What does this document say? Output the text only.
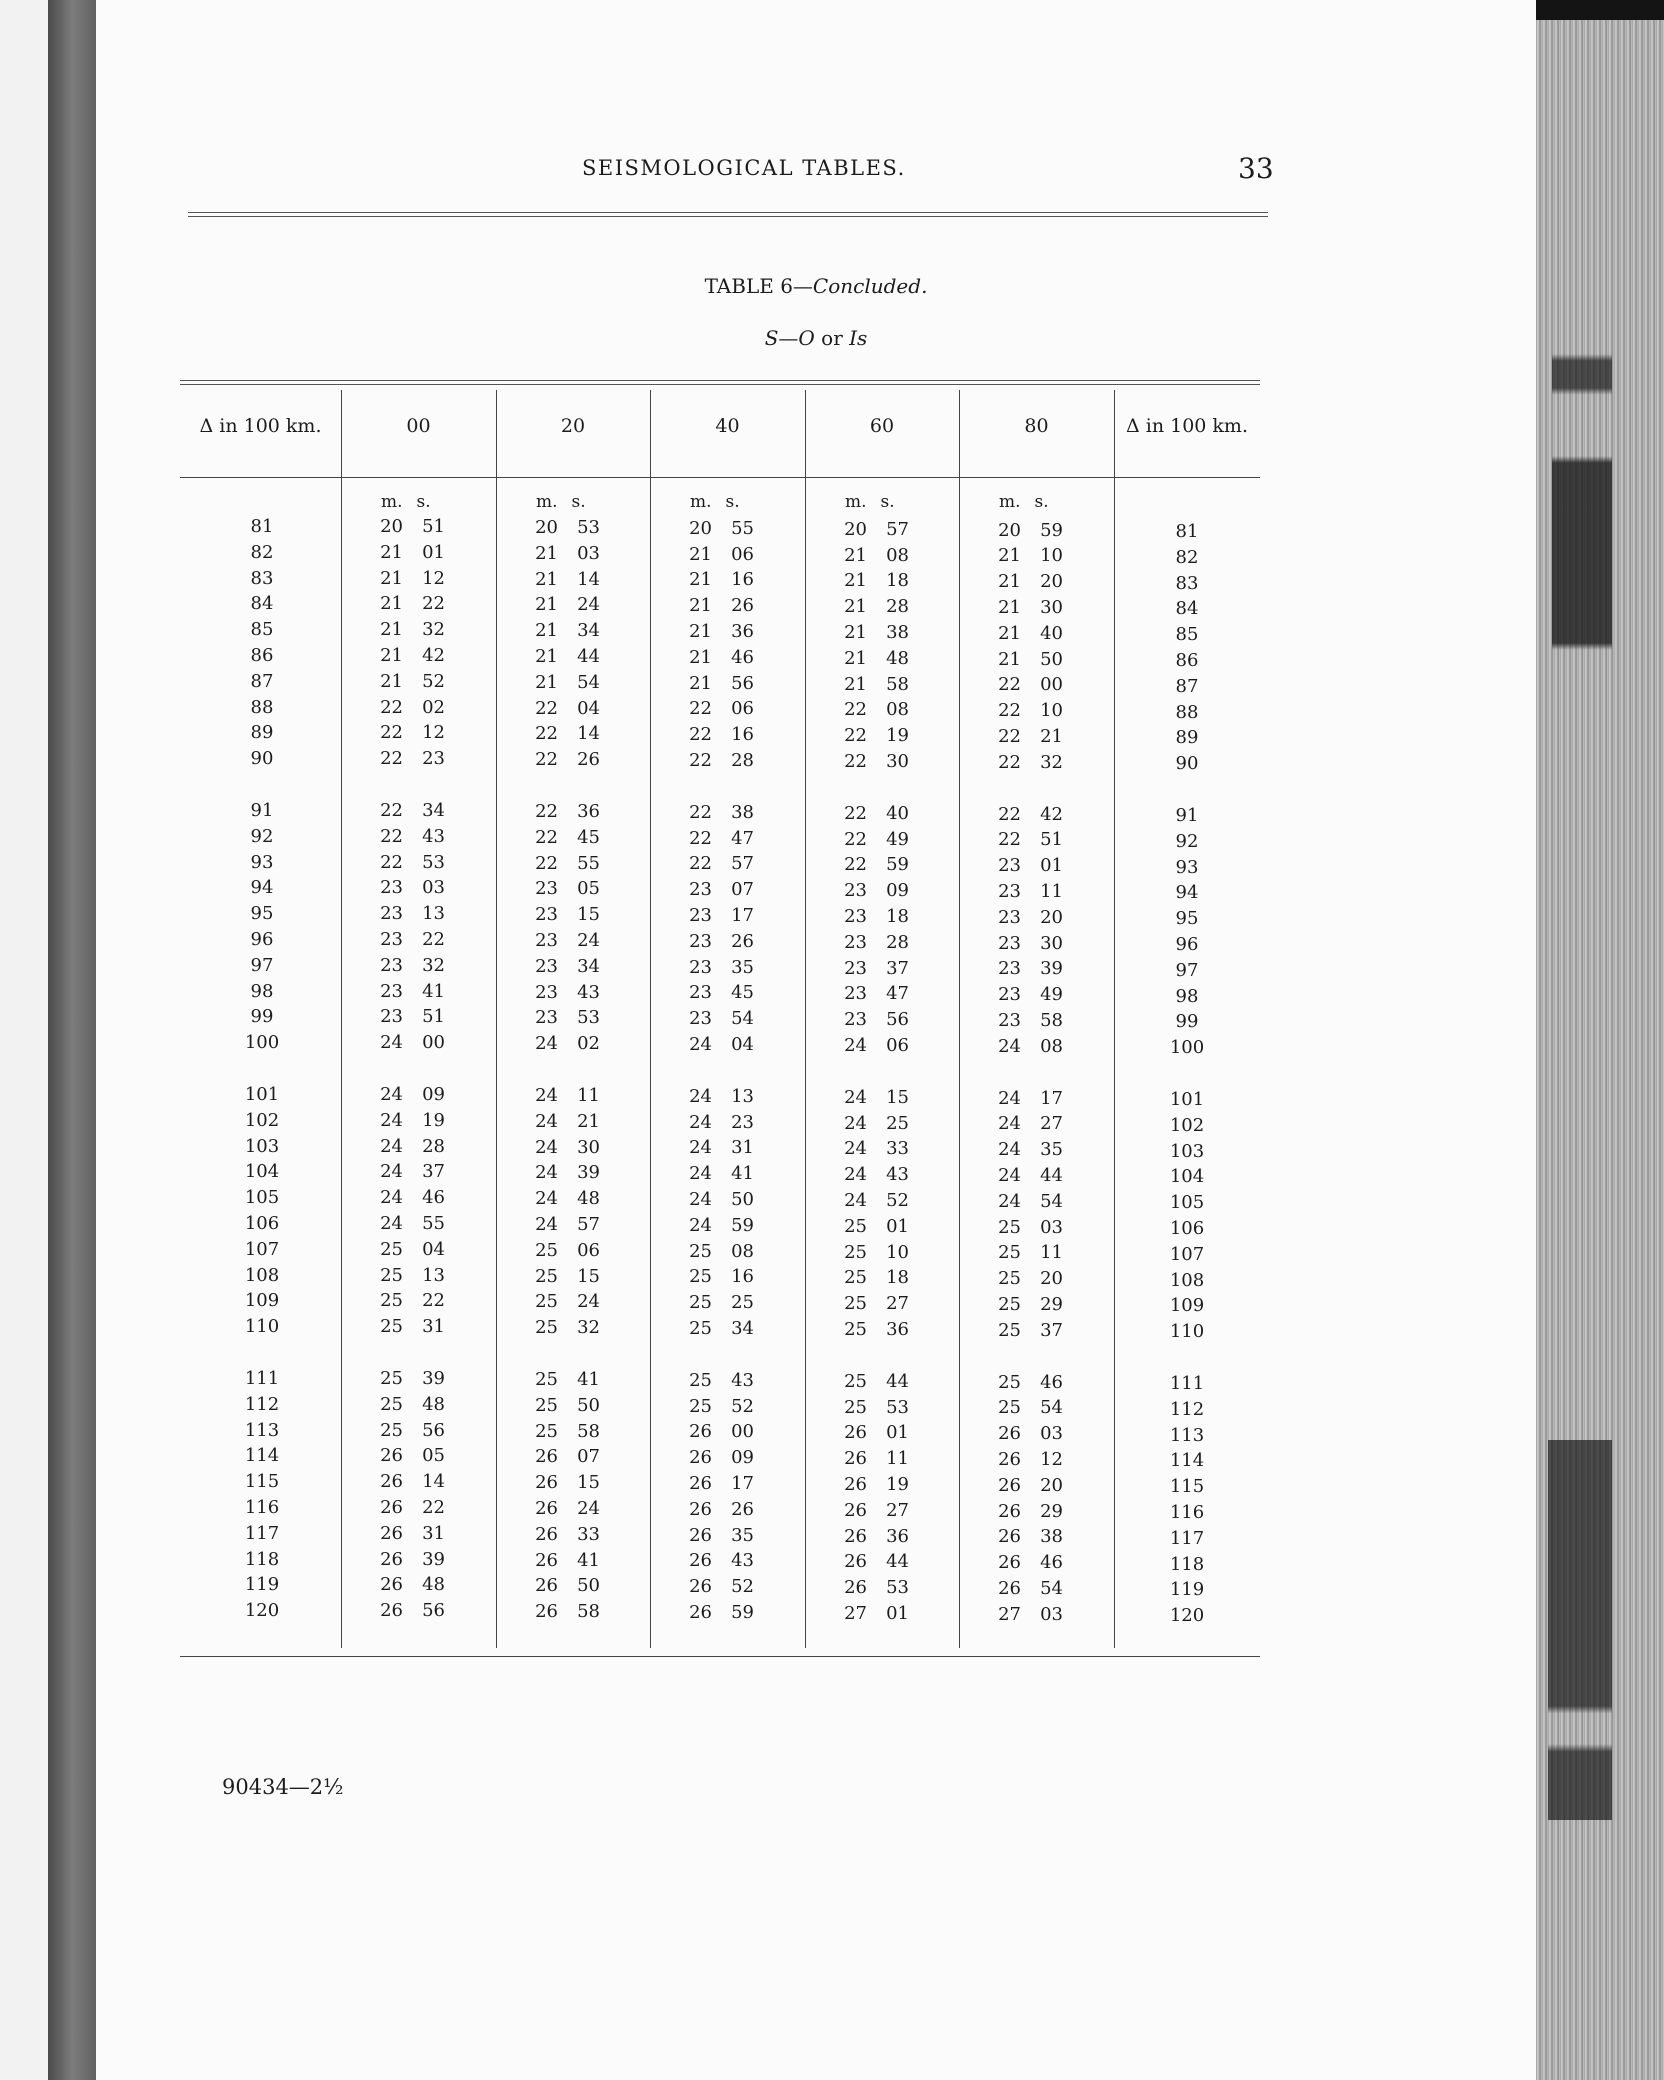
SEISMOLOGICAL TABLES.	33
TABLE 6—Concluded.
S—O or Is
Δ in 100 km.	00	20	40	60	80	Δ in 100 km.
m. s.	m. s.	m. s.	m. s.	m. s.
81	20 51	20 53	20 55	20 57	20 59	81
82	21 01	21 03	21 06	21 08	21 10	82
83	21 12	21 14	21 16	21 18	21 20	83
84	21 22	21 24	21 26	21 28	21 30	84
85	21 32	21 34	21 36	21 38	21 40	85
86	21 42	21 44	21 46	21 48	21 50	86
87	21 52	21 54	21 56	21 58	22 00	87
88	22 02	22 04	22 06	22 08	22 10	88
89	22 12	22 14	22 16	22 19	22 21	89
90	22 23	22 26	22 28	22 30	22 32	90
91	22 34	22 36	22 38	22 40	22 42	91
92	22 43	22 45	22 47	22 49	22 51	92
93	22 53	22 55	22 57	22 59	23 01	93
94	23 03	23 05	23 07	23 09	23 11	94
95	23 13	23 15	23 17	23 18	23 20	95
96	23 22	23 24	23 26	23 28	23 30	96
97	23 32	23 34	23 35	23 37	23 39	97
98	23 41	23 43	23 45	23 47	23 49	98
99	23 51	23 53	23 54	23 56	23 58	99
100	24 00	24 02	24 04	24 06	24 08	100
101	24 09	24 11	24 13	24 15	24 17	101
102	24 19	24 21	24 23	24 25	24 27	102
103	24 28	24 30	24 31	24 33	24 35	103
104	24 37	24 39	24 41	24 43	24 44	104
105	24 46	24 48	24 50	24 52	24 54	105
106	24 55	24 57	24 59	25 01	25 03	106
107	25 04	25 06	25 08	25 10	25 11	107
108	25 13	25 15	25 16	25 18	25 20	108
109	25 22	25 24	25 25	25 27	25 29	109
110	25 31	25 32	25 34	25 36	25 37	110
111	25 39	25 41	25 43	25 44	25 46	111
112	25 48	25 50	25 52	25 53	25 54	112
113	25 56	25 58	26 00	26 01	26 03	113
114	26 05	26 07	26 09	26 11	26 12	114
115	26 14	26 15	26 17	26 19	26 20	115
116	26 22	26 24	26 26	26 27	26 29	116
117	26 31	26 33	26 35	26 36	26 38	117
118	26 39	26 41	26 43	26 44	26 46	118
119	26 48	26 50	26 52	26 53	26 54	119
120	26 56	26 58	26 59	27 01	27 03	120
90434—2½
